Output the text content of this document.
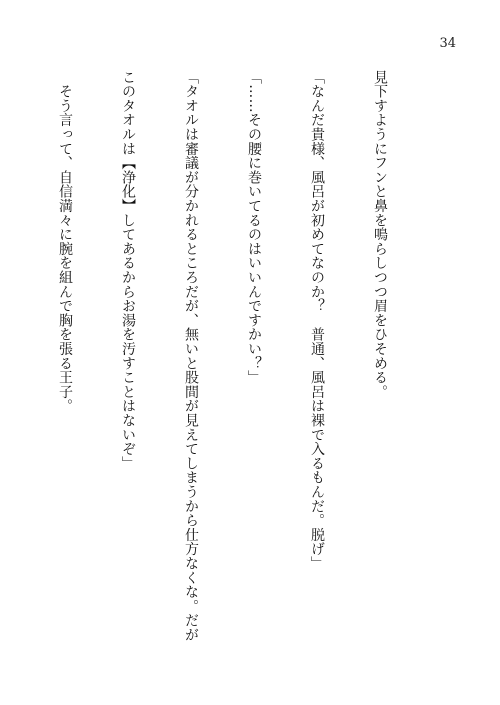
34

見下すようにフンと鼻を鳴らしつつ眉をひそめる。

「なんだ貴様、風呂が初めてなのか？　普通、風呂は裸で入るもんだ。脱げ」

「……その腰に巻いてるのはいいんですかい？」

「タオルは審議が分かれるところだが、無いと股間が見えてしまうから仕方なくな。だが

このタオルは【浄化】してあるからお湯を汚すことはないぞ」

　そう言って、自信満々に腕を組んで胸を張る王子。
